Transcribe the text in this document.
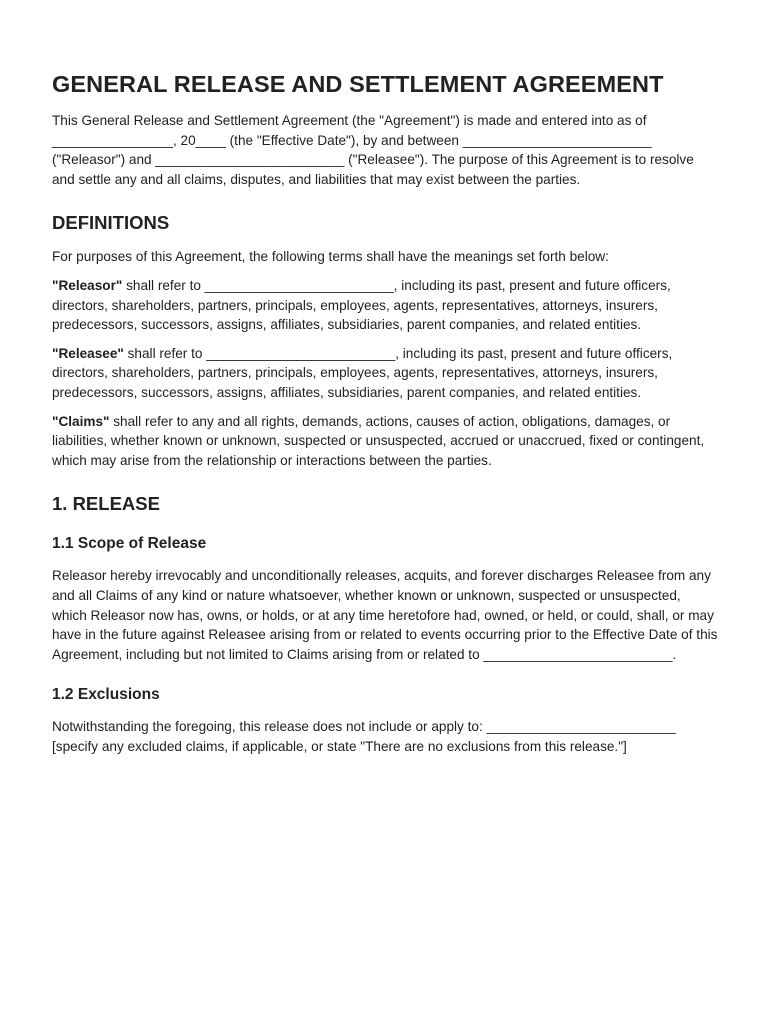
GENERAL RELEASE AND SETTLEMENT AGREEMENT

This General Release and Settlement Agreement (the "Agreement") is made and entered into as of ________________, 20____ (the "Effective Date"), by and between _________________________ ("Releasor") and _________________________ ("Releasee"). The purpose of this Agreement is to resolve and settle any and all claims, disputes, and liabilities that may exist between the parties.

DEFINITIONS

For purposes of this Agreement, the following terms shall have the meanings set forth below:

"Releasor" shall refer to _________________________, including its past, present and future officers, directors, shareholders, partners, principals, employees, agents, representatives, attorneys, insurers, predecessors, successors, assigns, affiliates, subsidiaries, parent companies, and related entities.

"Releasee" shall refer to _________________________, including its past, present and future officers, directors, shareholders, partners, principals, employees, agents, representatives, attorneys, insurers, predecessors, successors, assigns, affiliates, subsidiaries, parent companies, and related entities.

"Claims" shall refer to any and all rights, demands, actions, causes of action, obligations, damages, or liabilities, whether known or unknown, suspected or unsuspected, accrued or unaccrued, fixed or contingent, which may arise from the relationship or interactions between the parties.

1. RELEASE
1.1 Scope of Release

Releasor hereby irrevocably and unconditionally releases, acquits, and forever discharges Releasee from any and all Claims of any kind or nature whatsoever, whether known or unknown, suspected or unsuspected, which Releasor now has, owns, or holds, or at any time heretofore had, owned, or held, or could, shall, or may have in the future against Releasee arising from or related to events occurring prior to the Effective Date of this Agreement, including but not limited to Claims arising from or related to _________________________.

1.2 Exclusions

Notwithstanding the foregoing, this release does not include or apply to: _________________________ [specify any excluded claims, if applicable, or state "There are no exclusions from this release."]
